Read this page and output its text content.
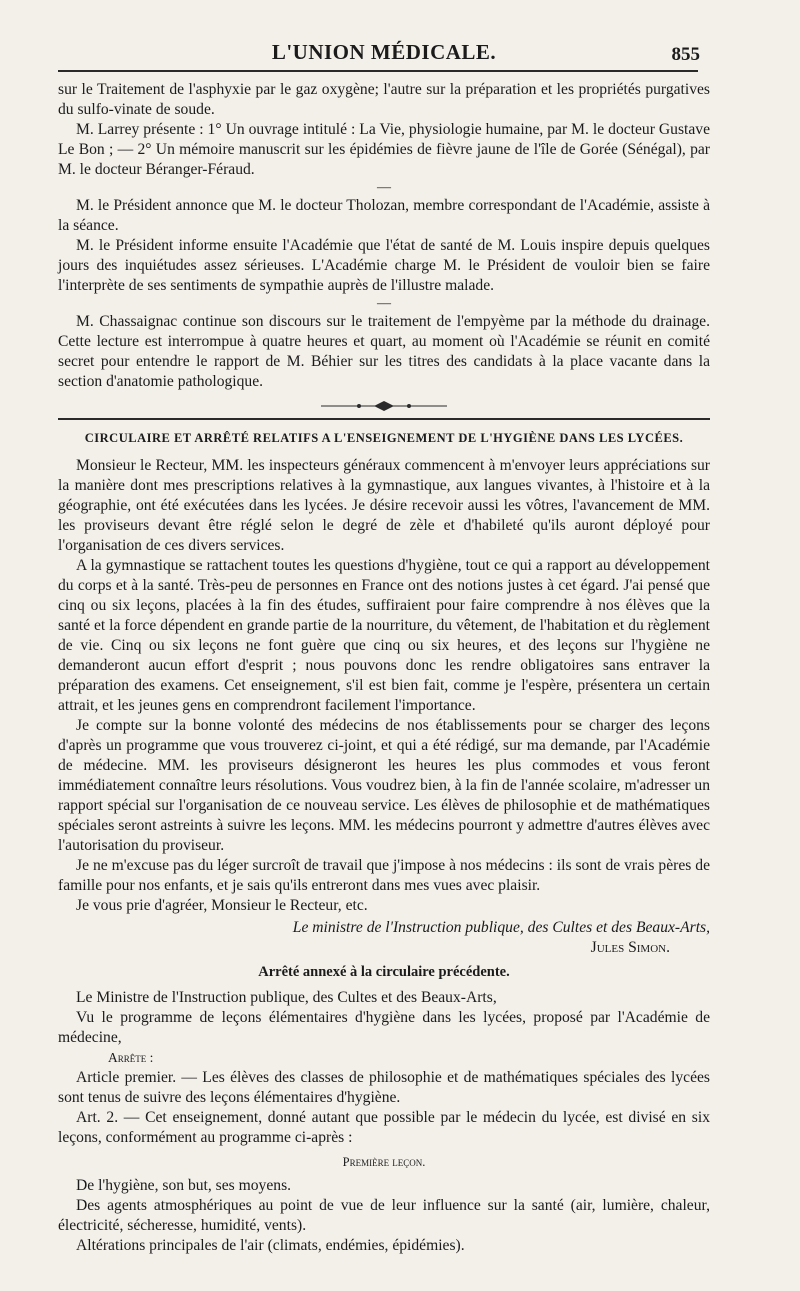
L'UNION MÉDICALE.	855

sur le Traitement de l'asphyxie par le gaz oxygène; l'autre sur la préparation et les propriétés purgatives du sulfo-vinate de soude.

M. Larrey présente : 1° Un ouvrage intitulé : La Vie, physiologie humaine, par M. le docteur Gustave Le Bon ; — 2° Un mémoire manuscrit sur les épidémies de fièvre jaune de l'île de Gorée (Sénégal), par M. le docteur Béranger-Féraud.

—

M. le Président annonce que M. le docteur Tholozan, membre correspondant de l'Académie, assiste à la séance.

M. le Président informe ensuite l'Académie que l'état de santé de M. Louis inspire depuis quelques jours des inquiétudes assez sérieuses. L'Académie charge M. le Président de vouloir bien se faire l'interprète de ses sentiments de sympathie auprès de l'illustre malade.

—

M. Chassaignac continue son discours sur le traitement de l'empyème par la méthode du drainage. Cette lecture est interrompue à quatre heures et quart, au moment où l'Académie se réunit en comité secret pour entendre le rapport de M. Béhier sur les titres des candidats à la place vacante dans la section d'anatomie pathologique.

CIRCULAIRE ET ARRÊTÉ RELATIFS A L'ENSEIGNEMENT DE L'HYGIÈNE DANS LES LYCÉES.

Monsieur le Recteur, MM. les inspecteurs généraux commencent à m'envoyer leurs appréciations sur la manière dont mes prescriptions relatives à la gymnastique, aux langues vivantes, à l'histoire et à la géographie, ont été exécutées dans les lycées. Je désire recevoir aussi les vôtres, l'avancement de MM. les proviseurs devant être réglé selon le degré de zèle et d'habileté qu'ils auront déployé pour l'organisation de ces divers services.

A la gymnastique se rattachent toutes les questions d'hygiène, tout ce qui a rapport au développement du corps et à la santé. Très-peu de personnes en France ont des notions justes à cet égard. J'ai pensé que cinq ou six leçons, placées à la fin des études, suffiraient pour faire comprendre à nos élèves que la santé et la force dépendent en grande partie de la nourriture, du vêtement, de l'habitation et du règlement de vie. Cinq ou six leçons ne font guère que cinq ou six heures, et des leçons sur l'hygiène ne demanderont aucun effort d'esprit ; nous pouvons donc les rendre obligatoires sans entraver la préparation des examens. Cet enseignement, s'il est bien fait, comme je l'espère, présentera un certain attrait, et les jeunes gens en comprendront facilement l'importance.

Je compte sur la bonne volonté des médecins de nos établissements pour se charger des leçons d'après un programme que vous trouverez ci-joint, et qui a été rédigé, sur ma demande, par l'Académie de médecine. MM. les proviseurs désigneront les heures les plus commodes et vous feront immédiatement connaître leurs résolutions. Vous voudrez bien, à la fin de l'année scolaire, m'adresser un rapport spécial sur l'organisation de ce nouveau service. Les élèves de philosophie et de mathématiques spéciales seront astreints à suivre les leçons. MM. les médecins pourront y admettre d'autres élèves avec l'autorisation du proviseur.

Je ne m'excuse pas du léger surcroît de travail que j'impose à nos médecins : ils sont de vrais pères de famille pour nos enfants, et je sais qu'ils entreront dans mes vues avec plaisir.

Je vous prie d'agréer, Monsieur le Recteur, etc.

Le ministre de l'Instruction publique, des Cultes et des Beaux-Arts,
Jules Simon.
Arrêté annexé à la circulaire précédente.

Le Ministre de l'Instruction publique, des Cultes et des Beaux-Arts,

Vu le programme de leçons élémentaires d'hygiène dans les lycées, proposé par l'Académie de médecine,

Arrête :

Article premier. — Les élèves des classes de philosophie et de mathématiques spéciales des lycées sont tenus de suivre des leçons élémentaires d'hygiène.

Art. 2. — Cet enseignement, donné autant que possible par le médecin du lycée, est divisé en six leçons, conformément au programme ci-après :

Première leçon.

De l'hygiène, son but, ses moyens.

Des agents atmosphériques au point de vue de leur influence sur la santé (air, lumière, chaleur, électricité, sécheresse, humidité, vents).

Altérations principales de l'air (climats, endémies, épidémies).
